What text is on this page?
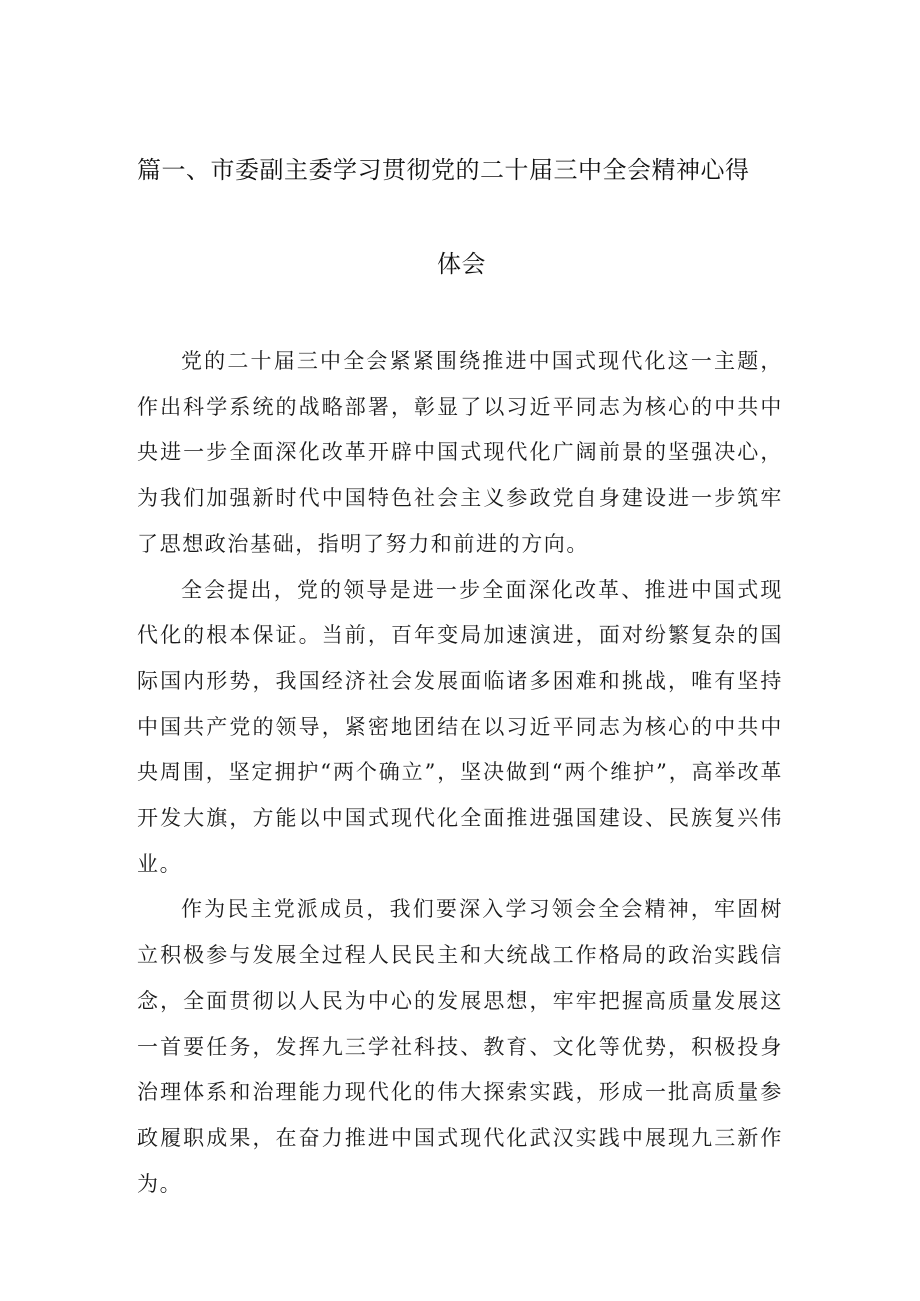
篇一、市委副主委学习贯彻党的二十届三中全会精神心得
体会

党的二十届三中全会紧紧围绕推进中国式现代化这一主题，作出科学系统的战略部署，彰显了以习近平同志为核心的中共中央进一步全面深化改革开辟中国式现代化广阔前景的坚强决心，为我们加强新时代中国特色社会主义参政党自身建设进一步筑牢了思想政治基础，指明了努力和前进的方向。

全会提出，党的领导是进一步全面深化改革、推进中国式现代化的根本保证。当前，百年变局加速演进，面对纷繁复杂的国际国内形势，我国经济社会发展面临诸多困难和挑战，唯有坚持中国共产党的领导，紧密地团结在以习近平同志为核心的中共中央周围，坚定拥护“两个确立”，坚决做到“两个维护”，高举改革开发大旗，方能以中国式现代化全面推进强国建设、民族复兴伟业。

作为民主党派成员，我们要深入学习领会全会精神，牢固树立积极参与发展全过程人民民主和大统战工作格局的政治实践信念，全面贯彻以人民为中心的发展思想，牢牢把握高质量发展这一首要任务，发挥九三学社科技、教育、文化等优势，积极投身治理体系和治理能力现代化的伟大探索实践，形成一批高质量参政履职成果，在奋力推进中国式现代化武汉实践中展现九三新作为。
